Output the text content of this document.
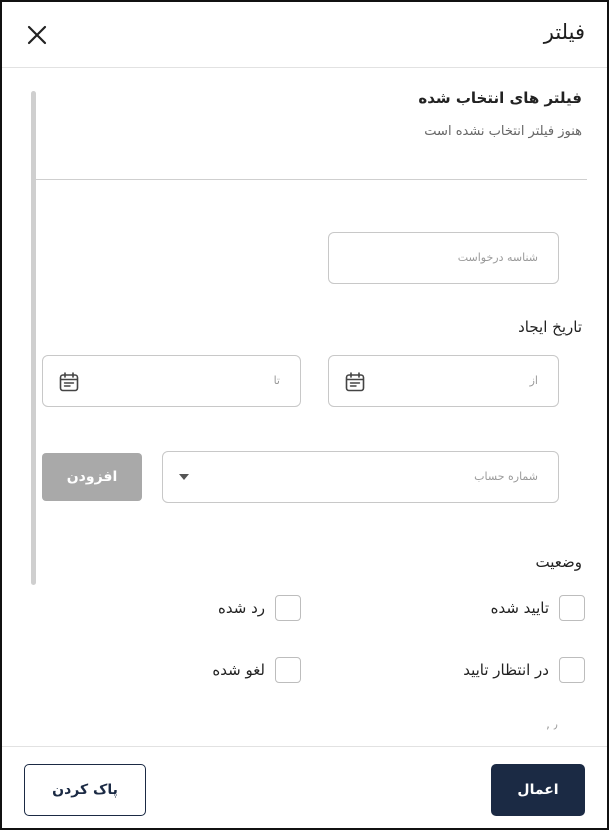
فیلتر
فیلتر های انتخاب شده
هنوز فیلتر انتخاب نشده است
شناسه درخواست
تاریخ ایجاد
از
تا
شماره حساب
افزودن
وضعیت
تایید شده
رد شده
در انتظار تایید
لغو شده
‚ ٫
پاک کردن	اعمال
